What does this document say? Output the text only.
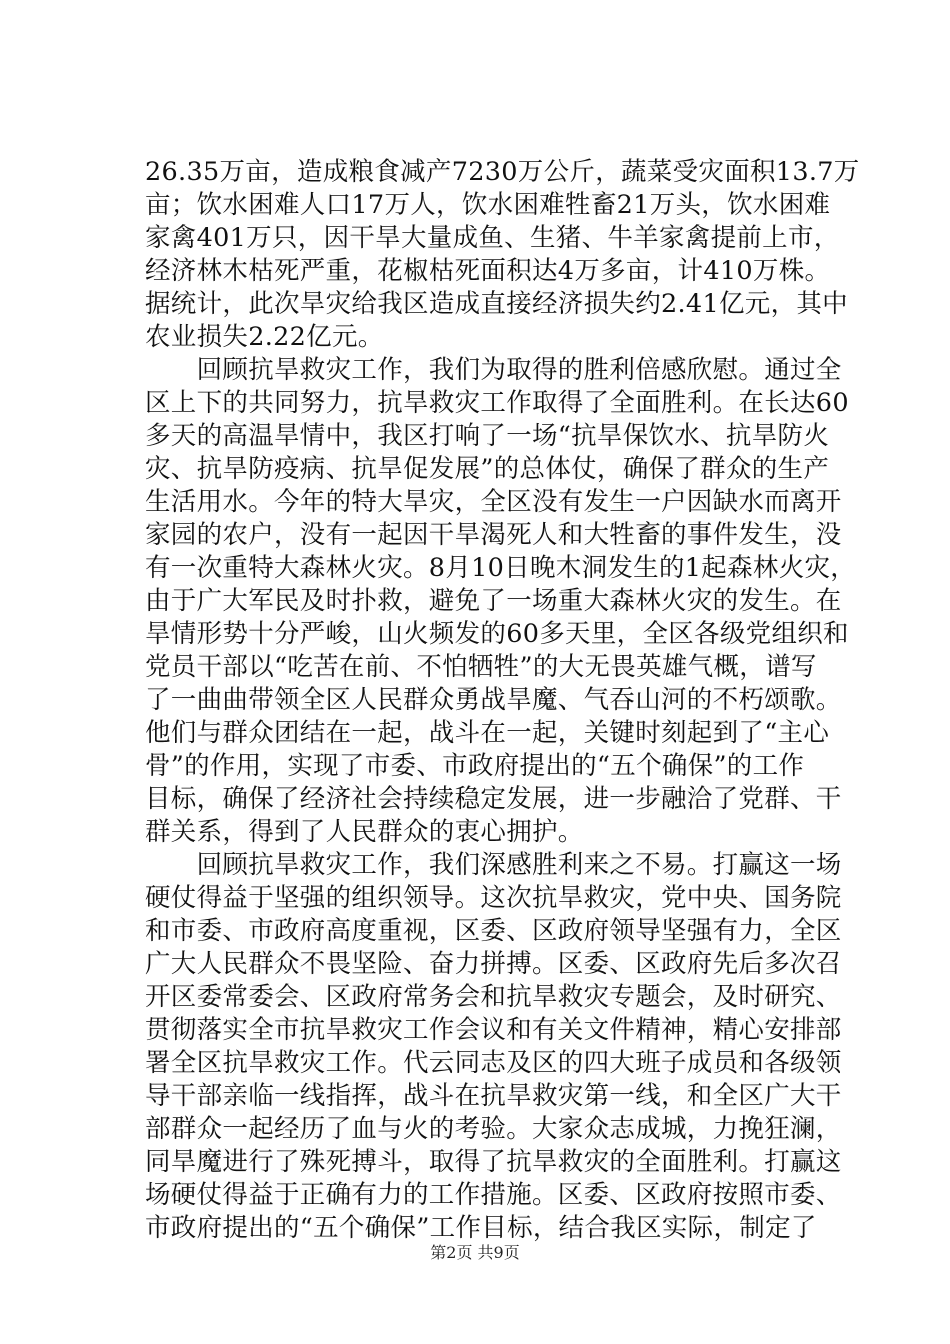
26.35万亩，造成粮食减产7230万公斤，蔬菜受灾面积13.7万
亩；饮水困难人口17万人，饮水困难牲畜21万头，饮水困难
家禽401万只，因干旱大量成鱼、生猪、牛羊家禽提前上市，
经济林木枯死严重，花椒枯死面积达4万多亩，计410万株。
据统计，此次旱灾给我区造成直接经济损失约2.41亿元，其中
农业损失2.22亿元。
　　回顾抗旱救灾工作，我们为取得的胜利倍感欣慰。通过全
区上下的共同努力，抗旱救灾工作取得了全面胜利。在长达60
多天的高温旱情中，我区打响了一场“抗旱保饮水、抗旱防火
灾、抗旱防疫病、抗旱促发展”的总体仗，确保了群众的生产
生活用水。今年的特大旱灾，全区没有发生一户因缺水而离开
家园的农户，没有一起因干旱渴死人和大牲畜的事件发生，没
有一次重特大森林火灾。8月10日晚木洞发生的1起森林火灾，
由于广大军民及时扑救，避免了一场重大森林火灾的发生。在
旱情形势十分严峻，山火频发的60多天里，全区各级党组织和
党员干部以“吃苦在前、不怕牺牲”的大无畏英雄气概，谱写
了一曲曲带领全区人民群众勇战旱魔、气吞山河的不朽颂歌。
他们与群众团结在一起，战斗在一起，关键时刻起到了“主心
骨”的作用，实现了市委、市政府提出的“五个确保”的工作
目标，确保了经济社会持续稳定发展，进一步融洽了党群、干
群关系，得到了人民群众的衷心拥护。
　　回顾抗旱救灾工作，我们深感胜利来之不易。打赢这一场
硬仗得益于坚强的组织领导。这次抗旱救灾，党中央、国务院
和市委、市政府高度重视，区委、区政府领导坚强有力，全区
广大人民群众不畏坚险、奋力拼搏。区委、区政府先后多次召
开区委常委会、区政府常务会和抗旱救灾专题会，及时研究、
贯彻落实全市抗旱救灾工作会议和有关文件精神，精心安排部
署全区抗旱救灾工作。代云同志及区的四大班子成员和各级领
导干部亲临一线指挥，战斗在抗旱救灾第一线，和全区广大干
部群众一起经历了血与火的考验。大家众志成城，力挽狂澜，
同旱魔进行了殊死搏斗，取得了抗旱救灾的全面胜利。打赢这
场硬仗得益于正确有力的工作措施。区委、区政府按照市委、
市政府提出的“五个确保”工作目标，结合我区实际，制定了
第2页 共9页
